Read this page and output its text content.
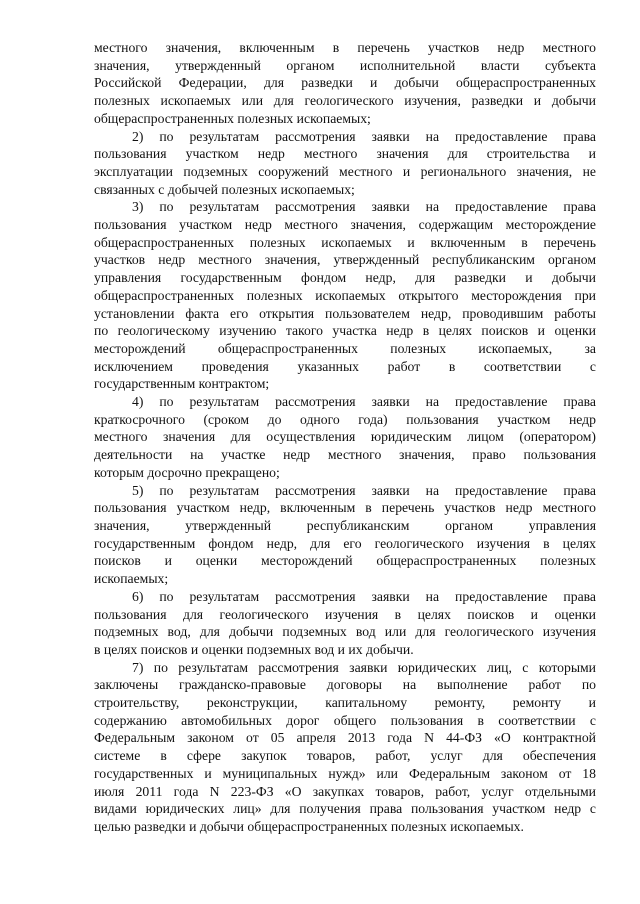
местного значения, включенным в перечень участков недр местного
значения, утвержденный органом исполнительной власти субъекта
Российской Федерации, для разведки и добычи общераспространенных
полезных ископаемых или для геологического изучения, разведки и добычи
общераспространенных полезных ископаемых;
2) по результатам рассмотрения заявки на предоставление права
пользования участком недр местного значения для строительства и
эксплуатации подземных сооружений местного и регионального значения, не
связанных с добычей полезных ископаемых;
3) по результатам рассмотрения заявки на предоставление права
пользования участком недр местного значения, содержащим месторождение
общераспространенных полезных ископаемых и включенным в перечень
участков недр местного значения, утвержденный республиканским органом
управления государственным фондом недр, для разведки и добычи
общераспространенных полезных ископаемых открытого месторождения при
установлении факта его открытия пользователем недр, проводившим работы
по геологическому изучению такого участка недр в целях поисков и оценки
месторождений общераспространенных полезных ископаемых, за
исключением проведения указанных работ в соответствии с
государственным контрактом;
4) по результатам рассмотрения заявки на предоставление права
краткосрочного (сроком до одного года) пользования участком недр
местного значения для осуществления юридическим лицом (оператором)
деятельности на участке недр местного значения, право пользования
которым досрочно прекращено;
5) по результатам рассмотрения заявки на предоставление права
пользования участком недр, включенным в перечень участков недр местного
значения, утвержденный республиканским органом управления
государственным фондом недр, для его геологического изучения в целях
поисков и оценки месторождений общераспространенных полезных
ископаемых;
6) по результатам рассмотрения заявки на предоставление права
пользования для геологического изучения в целях поисков и оценки
подземных вод, для добычи подземных вод или для геологического изучения
в целях поисков и оценки подземных вод и их добычи.
7) по результатам рассмотрения заявки юридических лиц, с которыми
заключены гражданско-правовые договоры на выполнение работ по
строительству, реконструкции, капитальному ремонту, ремонту и
содержанию автомобильных дорог общего пользования в соответствии с
Федеральным законом от 05 апреля 2013 года N 44-ФЗ «О контрактной
системе в сфере закупок товаров, работ, услуг для обеспечения
государственных и муниципальных нужд» или Федеральным законом от 18
июля 2011 года N 223-ФЗ «О закупках товаров, работ, услуг отдельными
видами юридических лиц» для получения права пользования участком недр с
целью разведки и добычи общераспространенных полезных ископаемых.
